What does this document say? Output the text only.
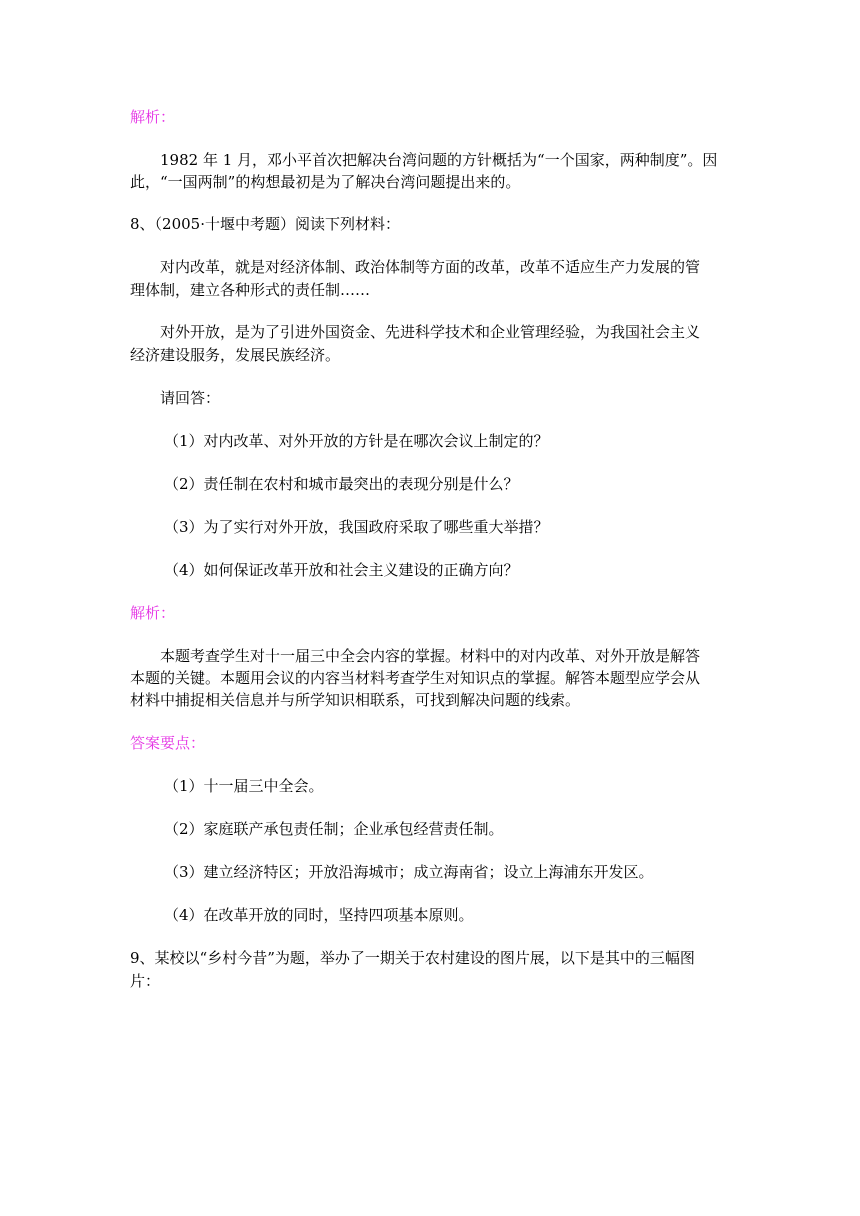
解析：
1982 年 1 月，邓小平首次把解决台湾问题的方针概括为“一个国家，两种制度”。因
此，“一国两制”的构想最初是为了解决台湾问题提出来的。
8、（2005·十堰中考题）阅读下列材料：
对内改革，就是对经济体制、政治体制等方面的改革，改革不适应生产力发展的管
理体制，建立各种形式的责任制……
对外开放，是为了引进外国资金、先进科学技术和企业管理经验，为我国社会主义
经济建设服务，发展民族经济。
请回答：
（1）对内改革、对外开放的方针是在哪次会议上制定的？
（2）责任制在农村和城市最突出的表现分别是什么？
（3）为了实行对外开放，我国政府采取了哪些重大举措？
（4）如何保证改革开放和社会主义建设的正确方向？
解析：
本题考查学生对十一届三中全会内容的掌握。材料中的对内改革、对外开放是解答
本题的关键。本题用会议的内容当材料考查学生对知识点的掌握。解答本题型应学会从
材料中捕捉相关信息并与所学知识相联系，可找到解决问题的线索。
答案要点：
（1）十一届三中全会。
（2）家庭联产承包责任制；企业承包经营责任制。
（3）建立经济特区；开放沿海城市；成立海南省；设立上海浦东开发区。
（4）在改革开放的同时，坚持四项基本原则。
9、某校以“乡村今昔”为题，举办了一期关于农村建设的图片展，以下是其中的三幅图
片：
